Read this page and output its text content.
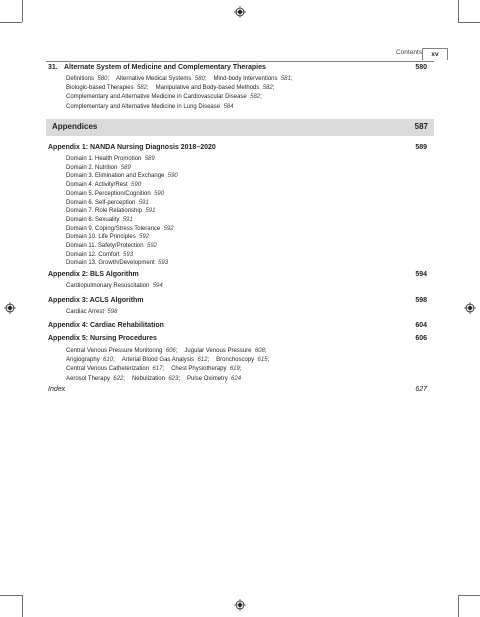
Contents	xv
31. Alternate System of Medicine and Complementary Therapies	580
Definitions 580; Alternative Medical Systems 580; Mind-body Interventions 581;
Biologic-based Therapies 582; Manipulative and Body-based Methods 582;
Complementary and Alternative Medicine in Cardiovascular Disease 582;
Complementary and Alternative Medicine in Lung Disease 584
Appendices	587
Appendix 1: NANDA Nursing Diagnosis 2018–2020	589
Domain 1. Health Promotion 589
Domain 2. Nutrition 589
Domain 3. Elimination and Exchange 590
Domain 4. Activity/Rest 590
Domain 5. Perception/Cognition 590
Domain 6. Self-perception 591
Domain 7. Role Relationship 591
Domain 8. Sexuality 591
Domain 9. Coping/Stress Tolerance 592
Domain 10. Life Principles 592
Domain 11. Safety/Protection 592
Domain 12. Comfort 593
Domain 13. Growth/Development 593
Appendix 2: BLS Algorithm	594
Cardiopulmonary Resuscitation 594
Appendix 3: ACLS Algorithm	598
Cardiac Arrest 598
Appendix 4: Cardiac Rehabilitation	604
Appendix 5: Nursing Procedures	606
Central Venous Pressure Monitoring 606; Jugular Venous Pressure 608;
Angiography 610; Arterial Blood Gas Analysis 612; Bronchoscopy 615;
Central Venous Catheterization 617; Chest Physiotherapy 619;
Aerosol Therapy 622; Nebulization 623; Pulse Oximetry 624
Index	627
